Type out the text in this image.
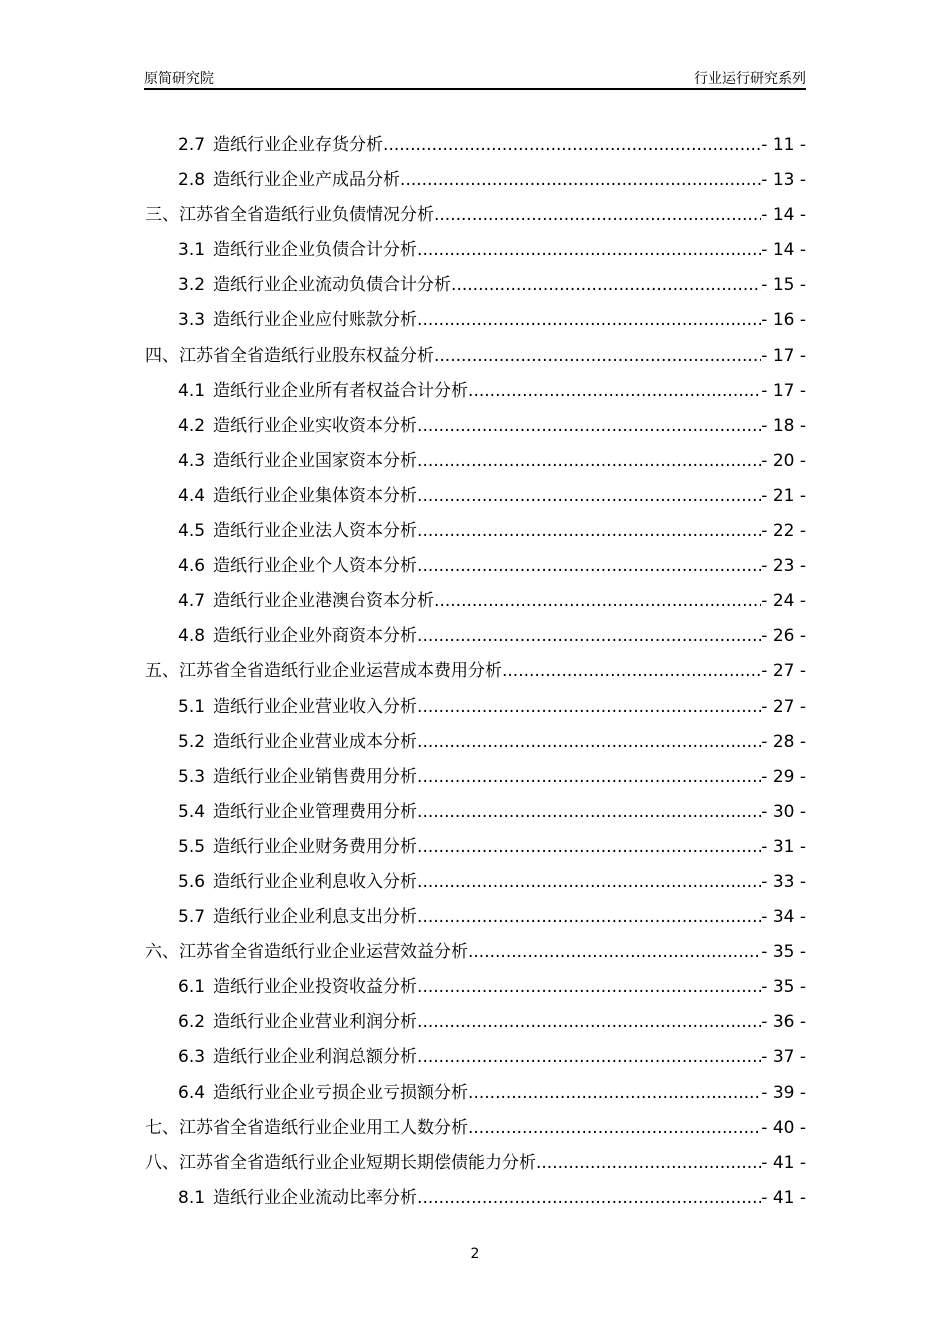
原简研究院	行业运行研究系列
2.7 造纸行业企业存货分析 .....	- 11 -
2.8 造纸行业企业产成品分析 .....	- 13 -
三、江苏省全省造纸行业负债情况分析 .....	- 14 -
3.1 造纸行业企业负债合计分析 .....	- 14 -
3.2 造纸行业企业流动负债合计分析 .....	- 15 -
3.3 造纸行业企业应付账款分析 .....	- 16 -
四、江苏省全省造纸行业股东权益分析 .....	- 17 -
4.1 造纸行业企业所有者权益合计分析 .....	- 17 -
4.2 造纸行业企业实收资本分析 .....	- 18 -
4.3 造纸行业企业国家资本分析 .....	- 20 -
4.4 造纸行业企业集体资本分析 .....	- 21 -
4.5 造纸行业企业法人资本分析 .....	- 22 -
4.6 造纸行业企业个人资本分析 .....	- 23 -
4.7 造纸行业企业港澳台资本分析 .....	- 24 -
4.8 造纸行业企业外商资本分析 .....	- 26 -
五、江苏省全省造纸行业企业运营成本费用分析 .....	- 27 -
5.1 造纸行业企业营业收入分析 .....	- 27 -
5.2 造纸行业企业营业成本分析 .....	- 28 -
5.3 造纸行业企业销售费用分析 .....	- 29 -
5.4 造纸行业企业管理费用分析 .....	- 30 -
5.5 造纸行业企业财务费用分析 .....	- 31 -
5.6 造纸行业企业利息收入分析 .....	- 33 -
5.7 造纸行业企业利息支出分析 .....	- 34 -
六、江苏省全省造纸行业企业运营效益分析 .....	- 35 -
6.1 造纸行业企业投资收益分析 .....	- 35 -
6.2 造纸行业企业营业利润分析 .....	- 36 -
6.3 造纸行业企业利润总额分析 .....	- 37 -
6.4 造纸行业企业亏损企业亏损额分析 .....	- 39 -
七、江苏省全省造纸行业企业用工人数分析 .....	- 40 -
八、江苏省全省造纸行业企业短期长期偿债能力分析 .....	- 41 -
8.1 造纸行业企业流动比率分析 .....	- 41 -
2
